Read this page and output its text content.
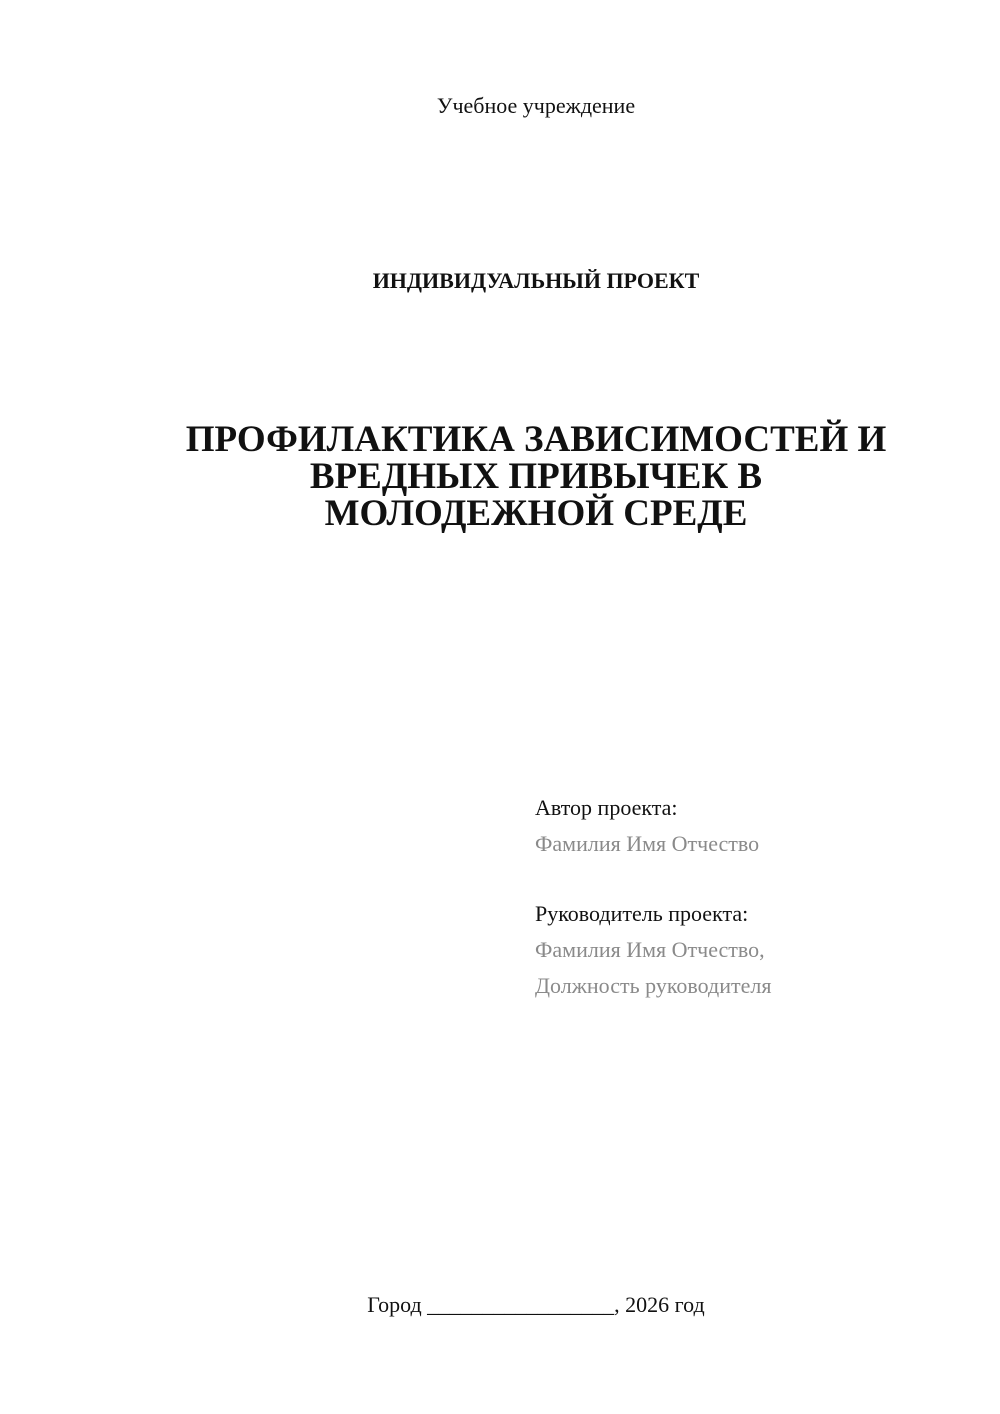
Учебное учреждение
ИНДИВИДУАЛЬНЫЙ ПРОЕКТ
ПРОФИЛАКТИКА ЗАВИСИМОСТЕЙ И
ВРЕДНЫХ ПРИВЫЧЕК В
МОЛОДЕЖНОЙ СРЕДЕ
Автор проекта:
Фамилия Имя Отчество
Руководитель проекта:
Фамилия Имя Отчество,
Должность руководителя
Город _________________, 2026 год
